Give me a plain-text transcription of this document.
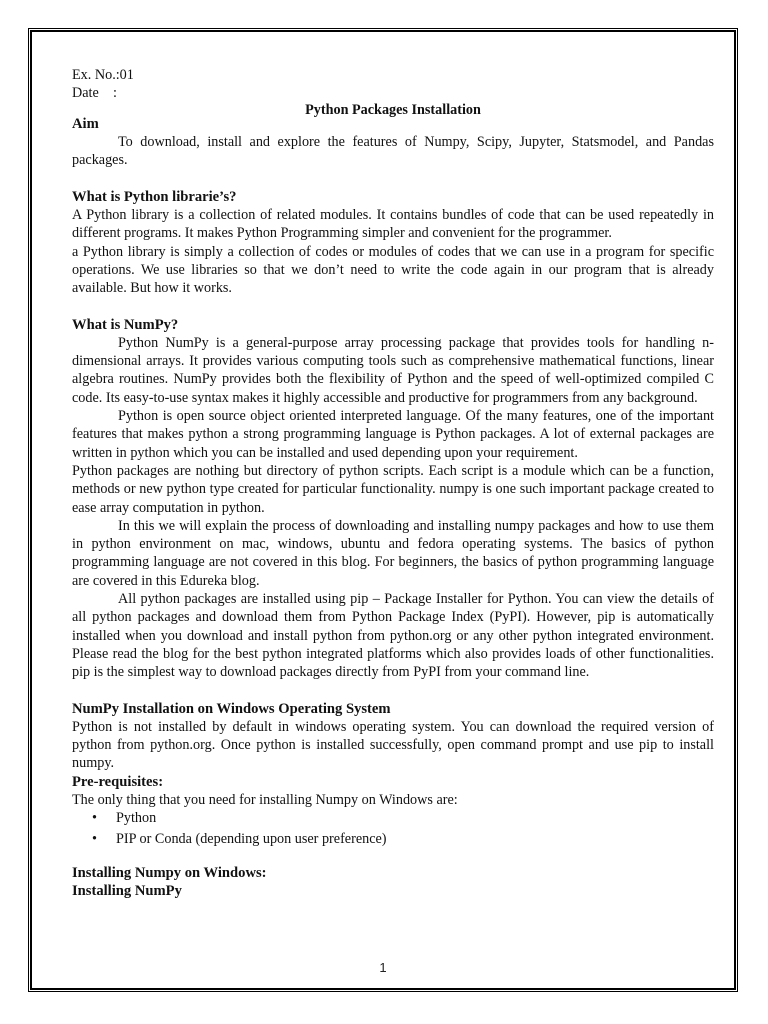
Ex. No.:01

Date    :

Python Packages Installation

Aim

To download, install and explore the features of Numpy, Scipy, Jupyter, Statsmodel, and Pandas packages.

What is Python librarie’s?

A Python library is a collection of related modules. It contains bundles of code that can be used repeatedly in different programs. It makes Python Programming simpler and convenient for the programmer.

a Python library is simply a collection of codes or modules of codes that we can use in a program for specific operations. We use libraries so that we don’t need to write the code again in our program that is already available. But how it works.

What is NumPy?

Python NumPy is a general-purpose array processing package that provides tools for handling n-dimensional arrays. It provides various computing tools such as comprehensive mathematical functions, linear algebra routines. NumPy provides both the flexibility of Python and the speed of well-optimized compiled C code. Its easy-to-use syntax makes it highly accessible and productive for programmers from any background.

Python is open source object oriented interpreted language. Of the many features, one of the important features that makes python a strong programming language is Python packages. A lot of external packages are written in python which you can be installed and used depending upon your requirement.

Python packages are nothing but directory of python scripts. Each script is a module which can be a function, methods or new python type created for particular functionality. numpy is one such important package created to ease array computation in python.

In this we will explain the process of downloading and installing numpy packages and how to use them in python environment on mac, windows, ubuntu and fedora operating systems. The basics of python programming language are not covered in this blog. For beginners, the basics of python programming language are covered in this Edureka blog.

All python packages are installed using pip – Package Installer for Python. You can view the details of all python packages and download them from Python Package Index (PyPI). However, pip is automatically installed when you download and install python from python.org or any other python integrated environment. Please read the blog for the best python integrated platforms which also provides loads of other functionalities. pip is the simplest way to download packages directly from PyPI from your command line.

NumPy Installation on Windows Operating System

Python is not installed by default in windows operating system. You can download the required version of python from python.org. Once python is installed successfully, open command prompt and use pip to install numpy.

Pre-requisites:

The only thing that you need for installing Numpy on Windows are:

• Python
• PIP or Conda (depending upon user preference)

Installing Numpy on Windows:

Installing NumPy

1
